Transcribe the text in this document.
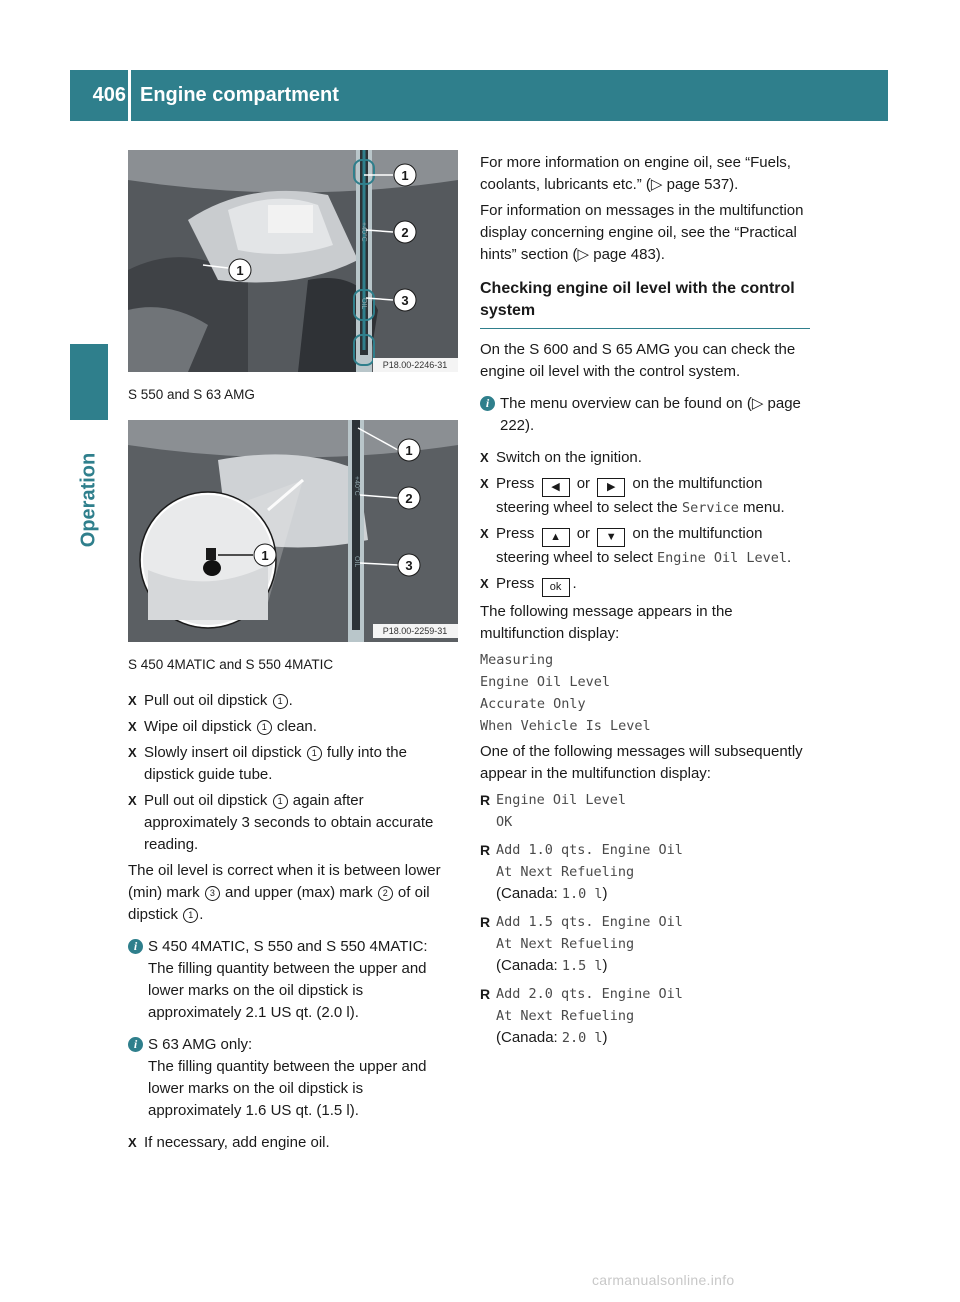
406 Engine compartment
Operation
+40°C
OIL
1
1
2
3
P18.00-2246-31
S 550 and S 63 AMG
1
+40°C
OIL
1
2
3
P18.00-2259-31
S 450 4MATIC and S 550 4MATIC
X Pull out oil dipstick 1 .
X Wipe oil dipstick 1 clean.
X Slowly insert oil dipstick 1 fully into the dipstick guide tube.
X Pull out oil dipstick 1 again after approximately 3 seconds to obtain accurate reading.

The oil level is correct when it is between lower (min) mark 3 and upper (max) mark 2 of oil dipstick 1 .

i S 450 4MATIC, S 550 and S 550 4MATIC:
The filling quantity between the upper and lower marks on the oil dipstick is approximately 2.1 US qt. (2.0 l).
i S 63 AMG only:
The filling quantity between the upper and lower marks on the oil dipstick is approximately 1.6 US qt. (1.5 l).
X If necessary, add engine oil.

For more information on engine oil, see “Fuels, coolants, lubricants etc.” (▷ page 537).

For information on messages in the multifunction display concerning engine oil, see the “Practical hints” section (▷ page 483).

Checking engine oil level with the control system

On the S 600 and S 65 AMG you can check the engine oil level with the control system.

i The menu overview can be found on (▷ page 222).
X Switch on the ignition.
X Press ◀ or ▶ on the multifunction steering wheel to select the Service menu.
X Press ▲ or ▼ on the multifunction steering wheel to select Engine Oil Level.
X Press ok .

The following message appears in the multifunction display:

Measuring
Engine Oil Level
Accurate Only
When Vehicle Is Level

One of the following messages will subsequently appear in the multifunction display:

R Engine Oil Level
OK
R Add 1.0 qts. Engine Oil
At Next Refueling
(Canada: 1.0 l)
R Add 1.5 qts. Engine Oil
At Next Refueling
(Canada: 1.5 l)
R Add 2.0 qts. Engine Oil
At Next Refueling
(Canada: 2.0 l)
carmanualsonline.info
